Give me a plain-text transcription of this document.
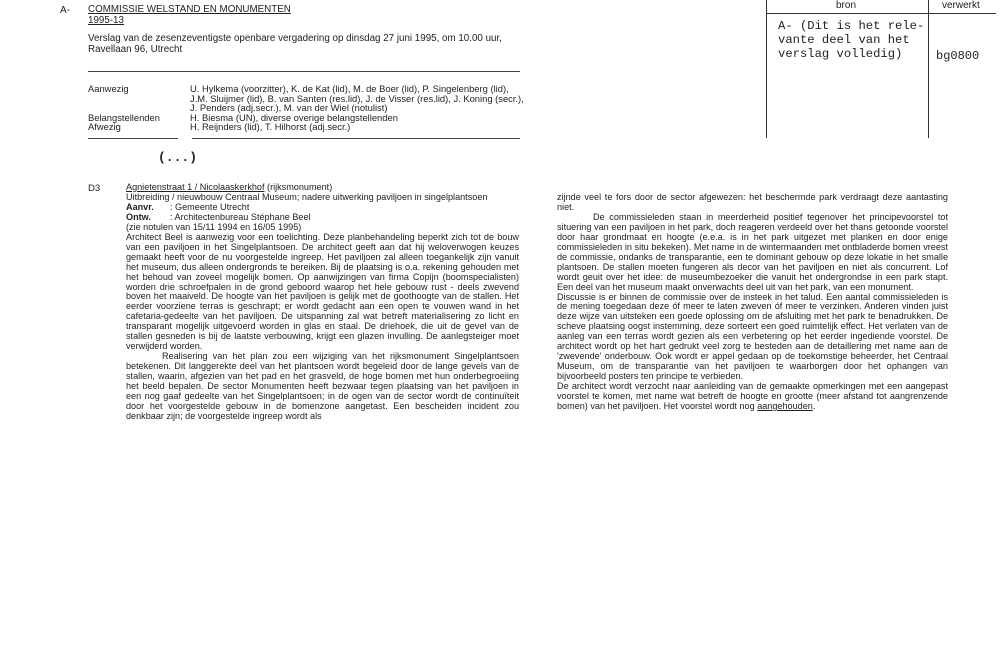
A- COMMISSIE WELSTAND EN MONUMENTEN
1995-13
Verslag van de zesenzeventigste openbare vergadering op dinsdag 27 juni 1995, om 10.00 uur,
Ravellaan 96, Utrecht
Aanwezig	U. Hylkema (voorzitter), K. de Kat (lid), M. de Boer (lid), P. Singelenberg (lid), J.M. Sluijmer (lid), B. van Santen (res.lid), J. de Visser (res.lid), J. Koning (secr.), J. Penders (adj.secr.), M. van der Wiel (notulist)
Belangstellenden	H. Biesma (UN), diverse overige belangstellenden
Afwezig	H. Reijnders (lid), T. Hilhorst (adj.secr.)
(...)
D3	Agnietenstraat 1 / Nicolaaskerkhof (rijksmonument)

Uitbreiding / nieuwbouw Centraal Museum; nadere uitwerking paviljoen in singelplantsoen

Aanvr. : Gemeente Utrecht

Ontw. : Architectenbureau Stéphane Beel

(zie notulen van 15/11 1994 en 16/05 1995)

Architect Beel is aanwezig voor een toelichting. Deze planbehandeling beperkt zich tot de bouw van een paviljoen in het Singelplantsoen. De architect geeft aan dat hij weloverwogen keuzes gemaakt heeft voor de nu voorgestelde ingreep. Het paviljoen zal alleen toegankelijk zijn vanuit het museum, dus alleen ondergronds te bereiken. Bij de plaatsing is o.a. rekening gehouden met het behoud van zoveel mogelijk bomen. Op aanwijzingen van firma Copijn (boomspecialisten) worden drie schroefpalen in de grond geboord waarop het hele gebouw rust - deels zwevend boven het maaiveld. De hoogte van het paviljoen is gelijk met de goothoogte van de stallen. Het eerder voorziene terras is geschrapt; er wordt gedacht aan een open te vouwen wand in het cafetaria-gedeelte van het paviljoen. De uitspanning zal wat betreft materialisering zo licht en transparant mogelijk uitgevoerd worden in glas en staal. De driehoek, die uit de gevel van de stallen gesneden is bij de laatste verbouwing, krijgt een glazen invulling. De aanlegsteiger moet verwijderd worden.

Realisering van het plan zou een wijziging van het rijksmonument Singelplantsoen betekenen. Dit langgerekte deel van het plantsoen wordt begeleid door de lange gevels van de stallen, waarin, afgezien van het pad en het grasveld, de hoge bomen met hun onderbegroeiing het beeld bepalen. De sector Monumenten heeft bezwaar tegen plaatsing van het paviljoen in een nog gaaf gedeelte van het Singelplantsoen; in de ogen van de sector wordt de continuïteit door het voorgestelde gebouw in de bomenzone aangetast. Een bescheiden incident zou denkbaar zijn; de voorgestelde ingreep wordt als

zijnde veel te fors door de sector afgewezen: het beschermde park verdraagt deze aantasting niet.

De commissieleden staan in meerderheid positief tegenover het principevoorstel tot situering van een paviljoen in het park, doch reageren verdeeld over het thans getoonde voorstel door haar grondmaat en hoogte (e.e.a. is in het park uitgezet met planken en door enige commissieleden in situ bekeken). Met name in de wintermaanden met ontbladerde bomen vreest de commissie, ondanks de transparantie, een te dominant gebouw op deze lokatie in het smalle plantsoen. De stallen moeten fungeren als decor van het paviljoen en niet als concurrent. Lof wordt geuit over het idee: de museumbezoeker die vanuit het ondergrondse in een park stapt. Een deel van het museum maakt onverwachts deel uit van het park, van een monument.

Discussie is er binnen de commissie over de insteek in het talud. Een aantal commissieleden is de mening toegedaan deze óf meer te laten zweven óf meer te verzinken. Anderen vinden juist deze wijze van uitsteken een goede oplossing om de afsluiting met het park te benadrukken. De scheve plaatsing oogst instemming, deze sorteert een goed ruimtelijk effect. Het verlaten van de aanleg van een terras wordt gezien als een verbetering op het eerder ingediende voorstel. De architect wordt op het hart gedrukt veel zorg te besteden aan de detaillering met name aan de 'zwevende' onderbouw. Ook wordt er appel gedaan op de toekomstige beheerder, het Centraal Museum, om de transparantie van het paviljoen te waarborgen door het ophangen van bijvoorbeeld posters ten principe te verbieden.

De architect wordt verzocht naar aanleiding van de gemaakte opmerkingen met een aangepast voorstel te komen, met name wat betreft de hoogte en grootte (meer afstand tot aangrenzende bomen) van het paviljoen. Het voorstel wordt nog aangehouden.

bron	verwerkt
A- (Dit is het rele-
vante deel van het
verslag volledig)	bg0800
